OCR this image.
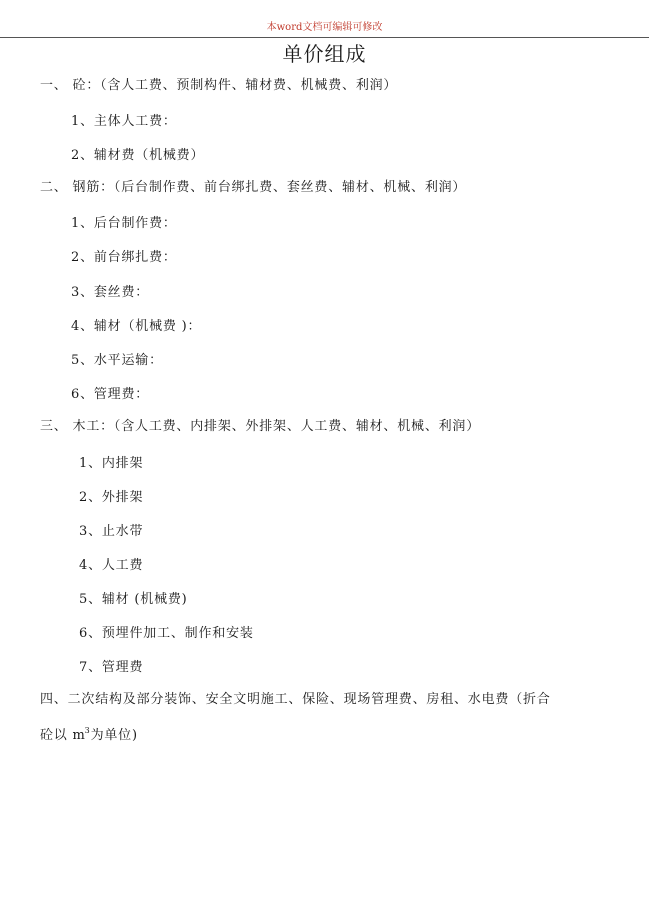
本word文档可编辑可修改
单价组成
一、 砼：（含人工费、预制构件、辅材费、机械费、利润）
1、主体人工费：
2、辅材费（机械费）
二、 钢筋：（后台制作费、前台绑扎费、套丝费、辅材、机械、利润）
1、后台制作费：
2、前台绑扎费：
3、套丝费：
4、辅材（机械费 )：
5、水平运输：
6、管理费：
三、 木工：（含人工费、内排架、外排架、人工费、辅材、机械、利润）
1、内排架
2、外排架
3、止水带
4、人工费
5、辅材 (机械费)
6、预埋件加工、制作和安装
7、管理费
四、二次结构及部分装饰、安全文明施工、保险、现场管理费、房租、水电费（折合
砼以 $m^3$为单位)
